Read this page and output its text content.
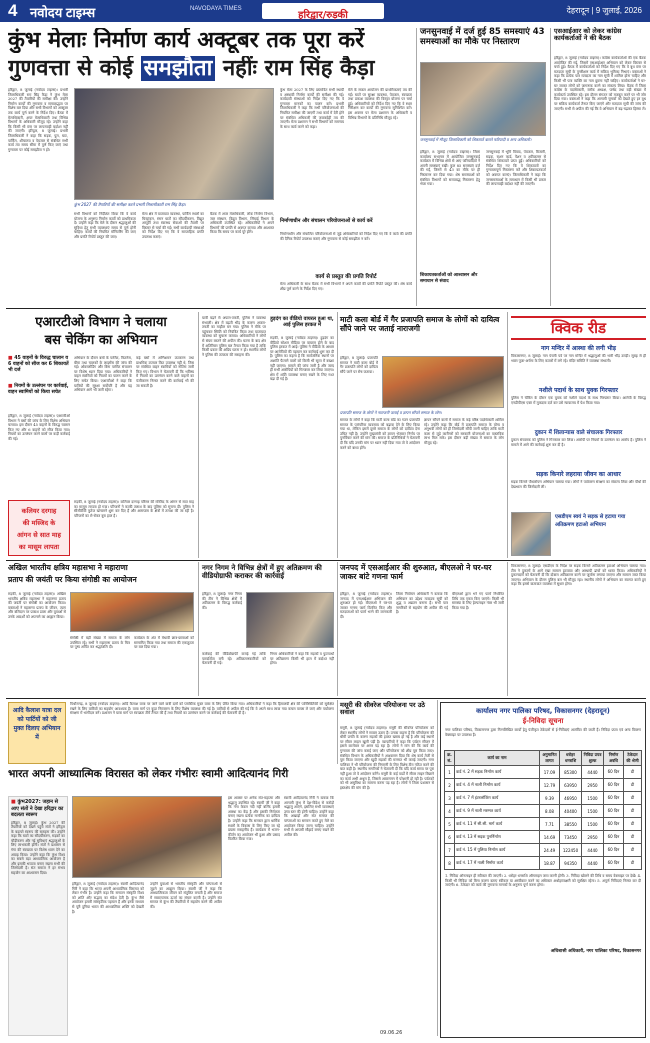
4 नवोदय टाइम्स	NAVODAYA TIMES
हरिद्वार/रुड़की	देहरादून | 9 जुलाई, 2026
कुंभ मेलाः निर्माण कार्य अक्टूबर तक पूरा करें
गुणवत्ता से कोई समझौता नहींः राम सिंह कैड़ा
हरिद्वार, 8 जुलाई (नवोदय टाइम्स)। प्रभारी जिलाधिकारी राम सिंह कैड़ा ने कुंभ मेला 2027 की तैयारियों की समीक्षा की। उन्होंने निर्माण कार्यों की गुणवत्ता व समयबद्धता पर विशेष बल दिया और सभी विभागों को अक्टूबर तक कार्य पूर्ण करने के निर्देश दिए। बैठक में मेलाधिकारी, अपर मेलाधिकारी तथा विभिन्न विभागों के अधिकारी मौजूद रहे। उन्होंने कहा कि किसी भी स्तर पर लापरवाही बर्दाश्त नहीं की जाएगी। हरिद्वार, 8 जुलाई। प्रभारी जिलाधिकारी ने कहा कि सड़क, पुल, घाट, पार्किंग, शौचालय व पेयजल से संबंधित सभी कार्य तय समय सीमा में पूर्ण किए जाएं तथा गुणवत्ता पर कोई समझौता न हो।
कुंभ 2027 की तैयारियों की समीक्षा करते प्रभारी मिलाधीकारी राम सिंह कैड़ा।
सभी विभागों को निर्देशित किया कि वे कार्य योजना के अनुरूप निर्माण कार्यों को प्राथमिकता दें। उन्होंने कहा कि मेले के दौरान श्रद्धालुओं की सुविधा हेतु सभी व्यवस्थाएं समय से पूर्ण होनी चाहिए। कार्यों की नियमित मॉनिटरिंग की जाए और प्रगति रिपोर्ट प्रस्तुत की जाए।
मेला क्षेत्र में यातायात व्यवस्था, पार्किंग स्थलों का चिन्हांकन, स्नान घाटों का सौंदर्यीकरण, विद्युत आपूर्ति तथा स्वास्थ्य सेवाओं की तैयारी पर विस्तार से चर्चा की गई। सभी कार्यदायी संस्थाओं को निर्देश दिए गए कि वे साप्ताहिक प्रगति उपलब्ध कराएं।
बैठक में अपर मेलाधिकारी, लोक निर्माण विभाग, जल संस्थान, विद्युत विभाग, सिंचाई विभाग के अधिकारी उपस्थित रहे। अधिकारियों ने अपने विभागों की प्रगति से अवगत कराया और आश्वस्त किया कि समय पर कार्य पूरे होंगे।
कुंभ मेला 2027 के लिए प्रस्तावित सभी स्थायी व अस्थायी निर्माण कार्यों की समीक्षा की गई। कार्यदायी संस्थाओं को निर्देश दिए गए कि वे गुणवत्ता मानकों का पालन करें। प्रभारी जिलाधिकारी ने कहा कि सभी परियोजनाओं की नियमित समीक्षा की जाएगी तथा कार्य में देरी होने पर संबंधित अधिकारी की जवाबदेही तय की जाएगी। मेला प्रशासन ने सभी विभागों को समन्वय के साथ कार्य करने को कहा।
मेले के सफल आयोजन की प्राथमिकताएं तय की गईं। घाटों पर सुरक्षा व्यवस्था, पेयजल, स्वच्छता तथा प्रकाश व्यवस्था की विस्तृत योजना पर चर्चा हुई। अधिकारियों को निर्देश दिए गए कि वे स्थल निरीक्षण कर कार्यों की गुणवत्ता सुनिश्चित करें। इस अवसर पर मेला प्रशासन के अधिकारी व विभिन्न विभागों के प्रतिनिधि मौजूद रहे।
निर्माणाधीन और संचालन परियोजनाओं से कार्य करें
निर्माणाधीन और संचालित परियोजनाओं से जुड़े अधिकारियों को निर्देश दिए गए कि वे कार्य की प्रगति की दैनिक रिपोर्ट उपलब्ध कराएं और गुणवत्ता से कोई समझौता न करें।
कार्य से प्रस्तुत की प्रगति रिपोर्ट
मेला अधिकारी के साथ बैठक में सभी विभागों ने अपने कार्यों की प्रगति रिपोर्ट प्रस्तुत की। शेष कार्य शीघ्र पूर्ण करने के निर्देश दिए गए।
जनसुनवाई में दर्ज हुई 85 समस्याएं 43 समस्याओं का मौके पर निस्तारण
जनसुनवाई में मौजूद जिलाधिकारी को शिकायतें बताते फरियादी व अन्य अधिकारी।
हरिद्वार, 8 जुलाई (नवोदय टाइम्स)। जिला कार्यालय सभागार में आयोजित जनसुनवाई कार्यक्रम में विभिन्न क्षेत्रों से आए फरियादियों ने अपनी समस्याएं रखीं। कुल 85 समस्याएं दर्ज की गईं, जिनमें से 43 का मौके पर ही निस्तारण कर दिया गया। शेष समस्याओं को संबंधित विभागों को समयबद्ध निस्तारण हेतु भेजा गया।
शिकायतकर्ताओं को आश्वासन और समाधान से संवाद
जनसुनवाई में भूमि विवाद, पेयजल, बिजली, सड़क, राशन कार्ड, पेंशन व अतिक्रमण से संबंधित शिकायतें प्राप्त हुईं। अधिकारियों को निर्देश दिए गए कि वे शिकायतों का गुणवत्तापूर्ण निस्तारण करें और शिकायतकर्ता को अवगत कराएं। जिलाधिकारी ने कहा कि जनसमस्याओं के समाधान में किसी भी प्रकार की लापरवाही बर्दाश्त नहीं की जाएगी।
एसआईआर को लेकर कांग्रेस कार्यकर्ताओं ने की बैठक
हरिद्वार, 8 जुलाई (नवोदय टाइम्स)। कांग्रेस कार्यकर्ताओं की एक बैठक आयोजित की गई, जिसमें एसआईआर अभियान को लेकर विस्तार से चर्चा हुई। बैठक में कार्यकर्ताओं को निर्देश दिए गए कि वे बूथ स्तर पर मतदाता सूची के पुनरीक्षण कार्य में सक्रिय भूमिका निभाएं। वक्ताओं ने कहा कि प्रत्येक पात्र मतदाता का नाम सूची में शामिल होना चाहिए और किसी भी पात्र व्यक्ति का नाम छूटना नहीं चाहिए। कार्यकर्ताओं ने घर-घर जाकर लोगों को जागरूक करने का संकल्प लिया। बैठक में जिला कांग्रेस के पदाधिकारी, ब्लॉक अध्यक्ष, पार्षद तथा बड़ी संख्या में कार्यकर्ता उपस्थित रहे। इस दौरान संगठन को मजबूत करने पर भी जोर दिया गया। वक्ताओं ने कहा कि आगामी चुनावों को देखते हुए हर बूथ पर सक्रिय कार्यकर्ता तैनात किए जाएंगे और मतदाता सूची की जांच की जाएगी। सभी से अपील की गई कि वे अभियान में बढ़-चढ़कर हिस्सा लें।
एआरटीओ विभाग ने चलाया
बस चेकिंग का अभियान
■ 45 वाहनों के विरुद्ध चालान व 6 वाहनों को सीज कर 6 शिकायतें भी दर्ज
■ नियमों के उल्लंघन पर कार्रवाई, वाहन स्वामियों को किया सचेत
हरिद्वार, 8 जुलाई (नवोदय टाइम्स)। एआरटीओ विभाग ने बसों की जांच के लिए विशेष अभियान चलाया। इस दौरान 45 वाहनों के विरुद्ध चालान किए गए और 6 वाहनों को सीज किया गया। नियमों का उल्लंघन करने वालों पर कड़ी कार्रवाई की गई।
अभियान के दौरान बसों के परमिट, फिटनेस, बीमा तथा चालकों के लाइसेंस की जांच की गई। ओवरलोडिंग और बिना परमिट संचालन पर विशेष ध्यान दिया गया। अधिकारियों ने वाहन स्वामियों को नियमों का पालन करने के लिए सचेत किया। एआरटीओ ने कहा कि यात्रियों की सुरक्षा सर्वोपरि है और यह अभियान आगे भी जारी रहेगा।
कई बसों में अग्निशमन उपकरण तथा प्राथमिक उपचार किट उपलब्ध नहीं थे, जिस पर संबंधित वाहन स्वामियों को नोटिस जारी किए गए। विभाग ने चेतावनी दी कि भविष्य में नियमों का उल्लंघन करने वाले वाहनों का पंजीकरण निरस्त करने की कार्रवाई भी की जा सकती है।
कलियर दरगाह
की मस्जिद के
आंगन से सात माह
का मासूम लापता
रुड़की, 8 जुलाई (नवोदय टाइम्स)। कलियर दरगाह परिसर की मस्जिद के आंगन से सात माह का मासूम लापता हो गया। परिजनों ने काफी तलाश के बाद पुलिस को सूचना दी। पुलिस ने सीसीटीवी फुटेज खंगालने शुरू कर दिए हैं और आसपास के क्षेत्रों में तलाश की जा रही है। परिजनों का रो-रोकर बुरा हाल है।
यात्री बढ़ने से अफरा-तफरी, पुलिस ने व्यवस्था संभाली। क्षेत्र में बढ़ती भीड़ के कारण अफरा-तफरी का माहौल बन गया। पुलिस ने मौके पर पहुंचकर स्थिति को नियंत्रित किया तथा यातायात व्यवस्था को सुचारू कराया। अधिकारियों ने लोगों से संयम बरतने की अपील की। घटना के बाद क्षेत्र में अतिरिक्त पुलिस बल तैनात किया गया है ताकि किसी प्रकार की अप्रिय घटना न हो। स्थानीय लोगों ने पुलिस की तत्परता की सराहना की।
हुड़दंग का वीडियो वायरल हुआ था, आई पुलिस हरकत में
रुड़की, 8 जुलाई (नवोदय टाइम्स)। हुड़दंग का वीडियो सोशल मीडिया पर वायरल होने के बाद पुलिस हरकत में आई। पुलिस ने वीडियो के आधार पर आरोपियों की पहचान कर कार्रवाई शुरू कर दी है। पुलिस का कहना है कि सार्वजनिक स्थानों पर अशांति फैलाने वालों को किसी भी सूरत में बख्शा नहीं जाएगा। मामले की जांच जारी है और जल्द ही सभी आरोपियों को गिरफ्तार कर लिया जाएगा। क्षेत्र में शांति व्यवस्था बनाए रखने के लिए गश्त बढ़ा दी गई है।
माटी कला बोर्ड में गैर प्रजापति समाज के लोगों को दायित्व सौंपे जाने पर जताई नाराजगी
हरिद्वार, 8 जुलाई। प्रजापति समाज ने माटी कला बोर्ड में गैर प्रजापति लोगों को दायित्व सौंपे जाने पर रोष जताया।
प्रजापति समाज के लोगों ने नाराजगी जताई व ज्ञापन सौंपते समाज के लोग।
समाज के लोगों ने कहा कि माटी कला बोर्ड का गठन प्रजापति समाज के पारंपरिक व्यवसाय को बढ़ावा देने के लिए किया गया था, लेकिन इसमें दूसरे समाज के लोगों को दायित्व देना उचित नहीं है। उन्होंने मुख्यमंत्री को ज्ञापन भेजकर निर्णय पर पुनर्विचार करने की मांग की। समाज के प्रतिनिधियों ने चेतावनी दी कि यदि उनकी मांग पर ध्यान नहीं दिया गया तो वे आंदोलन करने को बाध्य होंगे।
ज्ञापन सौंपने वालों में समाज के कई वरिष्ठ पदाधिकारी शामिल रहे। उन्होंने कहा कि बोर्ड में प्रजापति समाज के योग्य व अनुभवी लोगों को ही जिम्मेदारी सौंपी जानी चाहिए ताकि माटी कला से जुड़े कारीगरों को सरकारी योजनाओं का वास्तविक लाभ मिल सके। इस दौरान बड़ी संख्या में समाज के लोग मौजूद रहे।
क्विक रीड
नाग मन्दिर में आस्था की लगी भीड़
विकासनगर, 8 जुलाई। नाग पंचमी पर्व पर नाग मन्दिर में श्रद्धालुओं की भारी भीड़ उमड़ी। सुबह से ही भक्त पूजा-अर्चना के लिए कतारों में लगे रहे। मंदिर समिति ने व्यवस्था संभाली।
नशीले पदार्थ के साथ युवक गिरफ्तार
पुलिस ने चेकिंग के दौरान एक युवक को नशीले पदार्थ के साथ गिरफ्तार किया। आरोपी के विरुद्ध एनडीपीएस एक्ट में मुकदमा दर्ज कर उसे न्यायालय में पेश किया गया।
दुकान में शिलान्यास वाले संचालक गिरफ्तार
दुकान संचालक को पुलिस ने गिरफ्तार कर लिया। आरोपी पर नियमों के उल्लंघन का आरोप है। पुलिस ने मामले में आगे की कार्रवाई शुरू कर दी है।
सड़क किनारे लहराया जीवन का आधार
सड़क किनारे पौधारोपण अभियान चलाया गया। लोगों ने पर्यावरण संरक्षण का संकल्प लिया और पौधों की देखभाल की जिम्मेदारी ली।
एसडीएम स्वयं ने सड़क से हटाया गया अतिक्रमण हटाओ अभियान
अखिल भारतीय क्षत्रिय महासभा ने महाराणा
प्रताप की जयंती पर किया संगोष्ठी का आयोजन
रुड़की, 8 जुलाई (नवोदय टाइम्स)। अखिल भारतीय क्षत्रिय महासभा ने महाराणा प्रताप की जयंती पर संगोष्ठी का आयोजन किया। वक्ताओं ने महाराणा प्रताप के जीवन, त्याग और बलिदान पर प्रकाश डाला और युवाओं से उनके आदर्शों को अपनाने का आह्वान किया।
संगोष्ठी में बड़ी संख्या में समाज के लोग उपस्थित रहे। सभी ने महाराणा प्रताप के चित्र पर पुष्प अर्पित कर श्रद्धांजलि दी।
कार्यक्रम के अंत में मेधावी छात्र-छात्राओं को सम्मानित किया गया तथा समाज की एकजुटता पर बल दिया गया।
नगर निगम ने विभिन्न क्षेत्रों में हुए अतिक्रमण की वीडियोग्राफी कराकर की कार्रवाई
हरिद्वार, 8 जुलाई। नगर निगम की टीम ने विभिन्न क्षेत्रों में अतिक्रमण के विरुद्ध कार्रवाई की।
कार्रवाई की वीडियोग्राफी कराई गई ताकि पारदर्शिता बनी रहे। अतिक्रमणकारियों को चेतावनी दी गई।
निगम अधिकारियों ने कहा कि सड़कों व फुटपाथों पर अतिक्रमण किसी भी हाल में बर्दाश्त नहीं होगा।
जनपद में एसआईआर की शुरुआत, बीएलओ ने घर-घर जाकर बांटे गणना फार्म
हरिद्वार, 8 जुलाई (नवोदय टाइम्स)। जनपद में एसआईआर अभियान की शुरुआत हो गई। बीएलओ ने घर-घर जाकर गणना फार्म वितरित किए और मतदाताओं को फार्म भरने की जानकारी दी।
जिला निर्वाचन अधिकारी ने बताया कि अभियान का उद्देश्य मतदाता सूची को शुद्ध व अद्यतन बनाना है। सभी पात्र नागरिकों से सहयोग की अपील की गई है।
बीएलओ द्वारा भरे गए फार्म निर्धारित तिथि तक एकत्र किए जाएंगे। किसी भी समस्या के लिए हेल्पलाइन नंबर भी जारी किया गया है।
विकासनगर, 8 जुलाई। एसडीएम के निर्देश पर सड़क किनारे अतिक्रमण हटाओ अभियान चलाया गया। टीम ने दुकानों के आगे रखा सामान हटवाया और अस्थायी ढांचों को ध्वस्त किया। अधिकारियों ने दुकानदारों को चेतावनी दी कि दोबारा अतिक्रमण करने पर जुर्माना लगाया जाएगा और सामान जब्त किया जाएगा। अभियान के दौरान पुलिस बल भी मौजूद रहा। स्थानीय लोगों ने अभियान का स्वागत करते हुए कहा कि इससे यातायात व्यवस्था में सुधार होगा।
आदि कैलाश यात्रा दल को पार्टियों को जी मुक्त दिलाए अभियान में
पिथौरागढ़, 8 जुलाई (नवोदय टाइम्स)। आदि कैलाश यात्रा पर जाने वाले यात्री दलों को प्लास्टिक मुक्त यात्रा के लिए प्रेरित किया गया। अधिकारियों ने कहा कि हिमालयी क्षेत्र की पारिस्थितिकी को सुरक्षित रखने के लिए यात्रियों का सहयोग आवश्यक है। यात्रा मार्ग पर कूड़ा निस्तारण के लिए विशेष व्यवस्था की गई है। यात्रियों से अपील की गई कि वे अपने साथ लाया गया कचरा वापस ले जाएं और पर्यावरण संरक्षण में भागीदार बनें। प्रशासन ने यात्रा मार्ग पर स्वच्छता टीमें तैनात की हैं तथा नियमों का उल्लंघन करने पर कार्रवाई की चेतावनी दी है।
मसूरी की सीवरेज परियोजना पर उठे सवाल
मसूरी, 8 जुलाई (नवोदय टाइम्स)। मसूरी की सीवरेज परियोजना को लेकर स्थानीय लोगों ने सवाल उठाए हैं। उनका कहना है कि परियोजना की धीमी प्रगति के कारण सड़कों की हालत खराब हो गई है और कई स्थानों पर सीवर लाइन खुली पड़ी है। व्यापारियों ने कहा कि पर्यटन सीजन में इससे कारोबार पर असर पड़ रहा है। लोगों ने मांग की कि कार्य की गुणवत्ता की जांच कराई जाए और परियोजना को शीघ्र पूरा किया जाए। संबंधित विभाग के अधिकारियों ने आश्वासन दिया कि शेष कार्य तेजी से पूरा किया जाएगा और खुदी सड़कों की मरम्मत भी कराई जाएगी। नगर पालिका ने भी परियोजना की निगरानी के लिए विशेष टीम गठित करने की बात कही है। स्थानीय नागरिकों ने चेतावनी दी कि यदि कार्य समय पर पूरा नहीं हुआ तो वे आंदोलन करेंगे। मसूरी के कई वार्डों में सीवर लाइन बिछाने का कार्य अभी अधूरा है, जिससे आवागमन में परेशानी हो रही है। पर्यटकों को भी असुविधा का सामना करना पड़ रहा है। लोगों ने जिला प्रशासन से हस्तक्षेप की मांग की है।
कार्यालय नगर पालिका परिषद, विकासनगर (देहरादून)
ई-निविदा सूचना
नगर पालिका परिषद, विकासनगर द्वारा निम्नलिखित कार्यों हेतु पंजीकृत ठेकेदारों से ई-निविदाएं आमंत्रित की जाती हैं। निविदा प्रपत्र एवं अन्य विवरण वेबसाइट पर उपलब्ध हैं।
क्र. सं.	कार्य का नाम	अनुमानित लागत	धरोहर धनराशि	निविदा प्रपत्र शुल्क	निर्माण अवधि	ठेकेदार की श्रेणी
1	वार्ड नं. 2 में सड़क निर्माण कार्य	17.09	85300	4440	60 दिन	डी
2	वार्ड नं. 4 में नाली निर्माण कार्य	12.79	63950	2950	60 दिन	डी
3	वार्ड नं. 7 में इंटरलॉकिंग कार्य	9.39	46950	1500	60 दिन	डी
4	वार्ड नं. 9 में नाली मरम्मत कार्य	8.08	40400	1500	60 दिन	डी
5	वार्ड नं. 11 में सी.सी. मार्ग कार्य	7.71	38550	1500	60 दिन	डी
6	वार्ड नं. 13 में सड़क पुनर्निर्माण	14.69	73450	2950	60 दिन	डी
7	वार्ड नं. 15 में पुलिया निर्माण कार्य	24.49	122450	4440	60 दिन	डी
8	वार्ड नं. 17 में नाली निर्माण कार्य	18.87	94350	4440	60 दिन	डी
1. निविदा ऑनलाइन ही स्वीकार की जाएगी। 2. धरोहर धनराशि ऑनलाइन जमा करनी होगी। 3. निविदा खोलने की तिथि व समय वेबसाइट पर देखें। 4. किसी भी निविदा को बिना कारण बताए स्वीकार या अस्वीकार करने का अधिकार अधोहस्ताक्षरी को सुरक्षित रहेगा। 5. अपूर्ण निविदाएं निरस्त कर दी जाएंगी। 6. ठेकेदार को कार्य की गुणवत्ता मानकों के अनुरूप पूर्ण करना होगा।
अधिशासी अधिकारी, नगर पालिका परिषद, विकासनगर
भारत अपनी आध्यात्मिक विरासत को लेकर गंभीरः स्वामी आदित्यानंद गिरी
■ कुंभ2027: जहान से आए संतों ने देखा हरिद्वार का बदलता स्वरूप
हरिद्वार, 8 जुलाई। कुंभ 2027 की तैयारियों को देखने पहुंचे संतों ने हरिद्वार के बदलते स्वरूप की सराहना की। उन्होंने कहा कि घाटों का सौंदर्यीकरण, सड़कों का चौड़ीकरण और नई सुविधाएं श्रद्धालुओं के लिए लाभकारी होंगी। संतों ने प्रशासन से गंगा की स्वच्छता पर विशेष ध्यान देने का आग्रह किया। उन्होंने कहा कि कुंभ विश्व का सबसे बड़ा आध्यात्मिक आयोजन है और इसकी भव्यता बनाए रखना सभी की जिम्मेदारी है। संत समाज ने हर संभव सहयोग का आश्वासन दिया।
हरिद्वार, 8 जुलाई (नवोदय टाइम्स)। स्वामी आदित्यानंद गिरी ने कहा कि भारत अपनी आध्यात्मिक विरासत को लेकर गंभीर है। उन्होंने कहा कि सनातन संस्कृति विश्व को शांति और सद्भाव का संदेश देती है। कुंभ जैसे आयोजन हमारी सांस्कृतिक पहचान हैं और इनके माध्यम से पूरी दुनिया भारत की आध्यात्मिक शक्ति को देखती है।
उन्होंने युवाओं से भारतीय संस्कृति और परंपराओं से जुड़ने का आह्वान किया। स्वामी जी ने कहा कि आध्यात्मिकता जीवन को संतुलित बनाती है और समाज में सकारात्मक ऊर्जा का संचार करती है। उन्होंने संत समाज से कुंभ की तैयारियों में सहयोग करने की अपील की।
इस अवसर पर अनेक संत-महात्मा और श्रद्धालु उपस्थित रहे। स्वामी जी ने कहा कि गंगा केवल नदी नहीं बल्कि हमारी आस्था का केंद्र है और इसकी निर्मलता बनाए रखना प्रत्येक नागरिक का दायित्व है। उन्होंने कहा कि सरकार द्वारा धार्मिक स्थलों के विकास के लिए किए जा रहे प्रयास सराहनीय हैं। कार्यक्रम में भजन-कीर्तन का आयोजन भी हुआ और प्रसाद वितरित किया गया।
स्वामी आदित्यानंद गिरी ने बताया कि आगामी कुंभ में देश-विदेश से करोड़ों श्रद्धालु आएंगे, इसलिए सभी व्यवस्थाएं उच्च स्तर की होनी चाहिए। उन्होंने कहा कि अखाड़ों और संत समाज की परंपराओं का सम्मान करते हुए मेले का आयोजन किया जाना चाहिए। उन्होंने सभी से आपसी सौहार्द बनाए रखने की अपील की।
09.06.26
